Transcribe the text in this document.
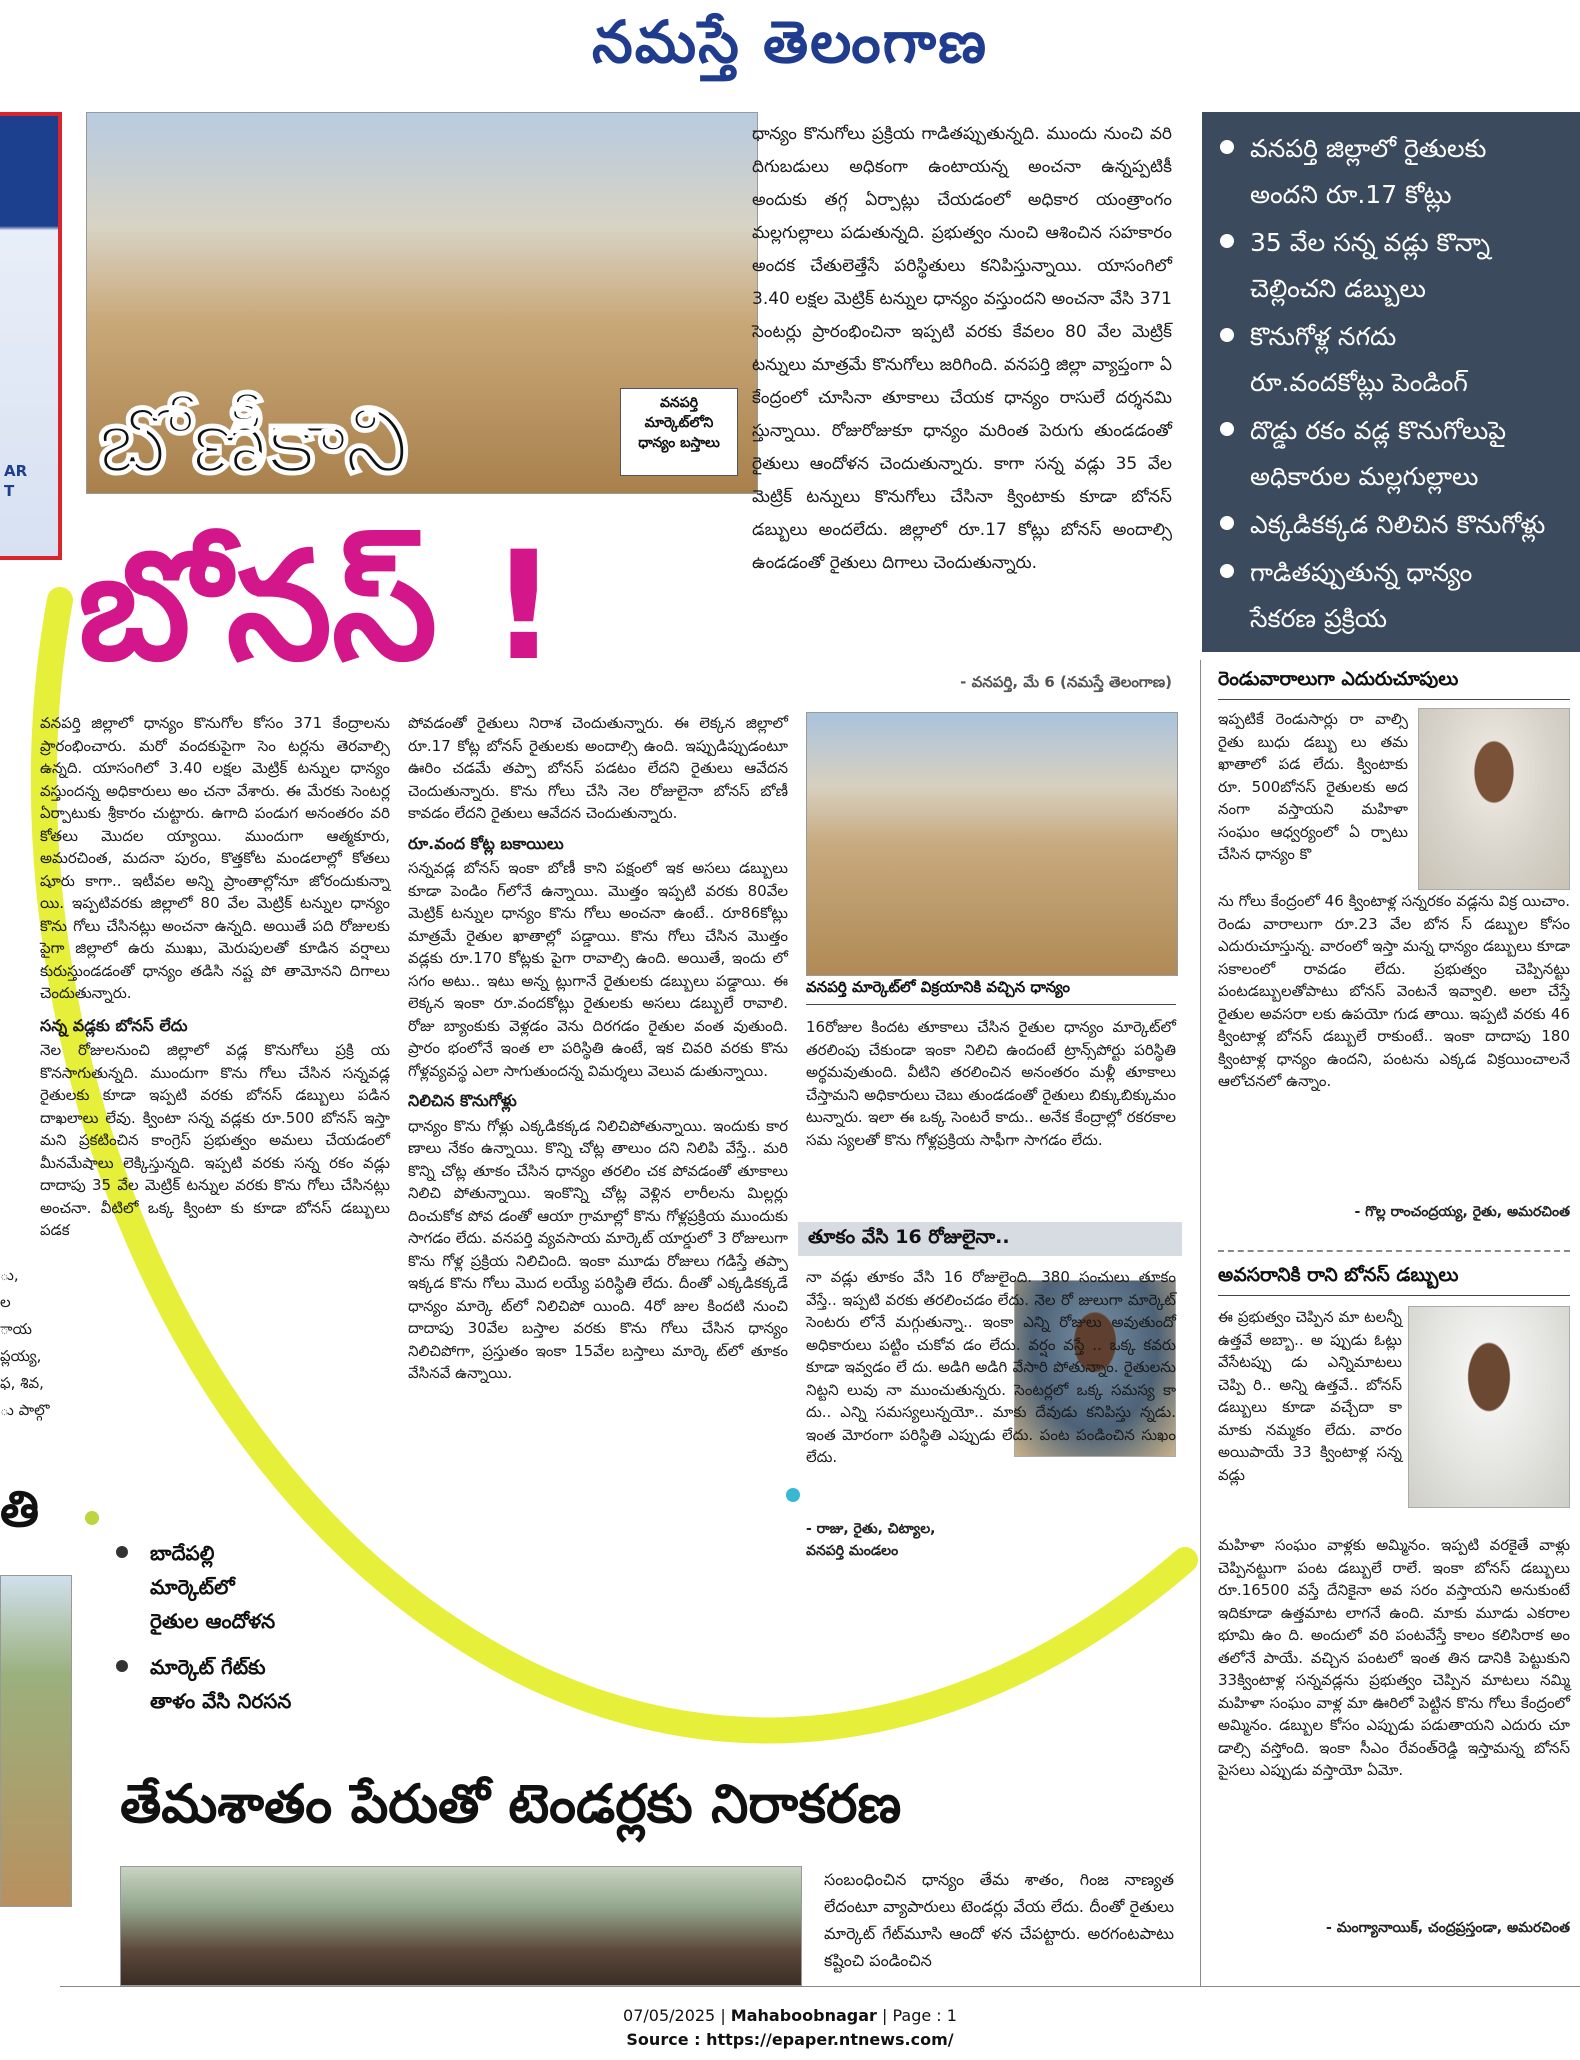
నమస్తే తెలంగాణ
AR
T
ు,
ల
ాయ
ప్లయ్య,
ఫ, శివ,
ు పాల్గొ
తి
వనపర్తి మార్కెట్‌లోని ధాన్యం బస్తాలు
బోణీకాని
బోనస్ !
ధాన్యం కొనుగోలు ప్రక్రియ గాడితప్పుతున్నది. ముందు నుంచి వరి దిగుబడులు అధికంగా ఉంటాయన్న అంచనా ఉన్నప్పటికీ అందుకు తగ్గ ఏర్పాట్లు చేయడంలో అధికార యంత్రాంగం మల్లగుల్లాలు పడుతున్నది. ప్రభుత్వం నుంచి ఆశించిన సహకారం అందక చేతులెత్తేసే పరిస్థితులు కనిపిస్తున్నాయి. యాసంగిలో 3.40 లక్షల మెట్రిక్ టన్నుల ధాన్యం వస్తుందని అంచనా వేసి 371 సెంటర్లు ప్రారంభించినా ఇప్పటి వరకు కేవలం 80 వేల మెట్రిక్ టన్నులు మాత్రమే కొనుగోలు జరిగింది. వనపర్తి జిల్లా వ్యాప్తంగా ఏ కేంద్రంలో చూసినా తూకాలు చేయక ధాన్యం రాసులే దర్శనమి స్తున్నాయి. రోజురోజుకూ ధాన్యం మరింత పెరుగు తుండడంతో రైతులు ఆందోళన చెందుతున్నారు. కాగా సన్న వడ్లు 35 వేల మెట్రిక్ టన్నులు కొనుగోలు చేసినా క్వింటాకు కూడా బోనస్ డబ్బులు అందలేదు. జిల్లాలో రూ.17 కోట్లు బోనస్ అందాల్సి ఉండడంతో రైతులు దిగాలు చెందుతున్నారు.
- వనపర్తి, మే 6 (నమస్తే తెలంగాణ)
వనపర్తి జిల్లాలో రైతులకు
అందని రూ.17 కోట్లు
35 వేల సన్న వడ్లు కొన్నా
చెల్లించని డబ్బులు
కొనుగోళ్ల నగదు
రూ.వందకోట్లు పెండింగ్
దొడ్డు రకం వడ్ల కొనుగోలుపై
అధికారుల మల్లగుల్లాలు
ఎక్కడికక్కడ నిలిచిన కొనుగోళ్లు
గాడితప్పుతున్న ధాన్యం
సేకరణ ప్రక్రియ

వనపర్తి జిల్లాలో ధాన్యం కొనుగోల కోసం 371 కేంద్రాలను ప్రారంభించారు. మరో వందకుపైగా సెం టర్లను తెరవాల్సి ఉన్నది. యాసంగిలో 3.40 లక్షల మెట్రిక్ టన్నుల ధాన్యం వస్తుందన్న అధికారులు అం చనా వేశారు. ఈ మేరకు సెంటర్ల ఏర్పాటుకు శ్రీకారం చుట్టారు. ఉగాది పండుగ అనంతరం వరి కోతలు మొదల య్యాయి. ముందుగా ఆత్మకూరు, అమరచింత, మదనా పురం, కొత్తకోట మండలాల్లో కోతలు షూరు కాగా.. ఇటీవల అన్ని ప్రాంతాల్లోనూ జోరందుకున్నా యి. ఇప్పటివరకు జిల్లాలో 80 వేల మెట్రిక్ టన్నుల ధాన్యం కొను గోలు చేసినట్లు అంచనా ఉన్నది. అయితే పది రోజులకు పైగా జిల్లాలో ఉరు ముఖు, మెరుపులతో కూడిన వర్షాలు కురుస్తుండడంతో ధాన్యం తడిసి నష్ట పో తామోనని దిగాలు చెందుతున్నారు.

సన్న వడ్లకు బోనస్ లేదు

నెల రోజులనుంచి జిల్లాలో వడ్ల కొనుగోలు ప్రక్రి య కొనసాగుతున్నది. ముందుగా కొను గోలు చేసిన సన్నవడ్ల రైతులకు కూడా ఇప్పటి వరకు బోనస్ డబ్బులు పడిన దాఖలాలు లేవు. క్వింటా సన్న వడ్లకు రూ.500 బోనస్ ఇస్తా మని ప్రకటించిన కాంగ్రెస్ ప్రభుత్వం అమలు చేయడంలో మీనమేషాలు లెక్కిస్తున్నది. ఇప్పటి వరకు సన్న రకం వడ్లు దాదాపు 35 వేల మెట్రిక్ టన్నుల వరకు కొను గోలు చేసినట్లు అంచనా. వీటిలో ఒక్క క్వింటా కు కూడా బోనస్ డబ్బులు పడక

పోవడంతో రైతులు నిరాశ చెందుతున్నారు. ఈ లెక్కన జిల్లాలో రూ.17 కోట్ల బోనస్ రైతులకు అందాల్సి ఉంది. ఇప్పుడిప్పుడంటూ ఊరిం చడమే తప్పా బోనస్ పడటం లేదని రైతులు ఆవేదన చెందుతున్నారు. కొను గోలు చేసి నెల రోజులైనా బోనస్ బోణీ కావడం లేదని రైతులు ఆవేదన చెందుతున్నారు.

రూ.వంద కోట్ల బకాయిలు

సన్నవడ్ల బోనస్ ఇంకా బోణీ కాని పక్షంలో ఇక అసలు డబ్బులు కూడా పెండిం గ్‌లోనే ఉన్నాయి. మొత్తం ఇప్పటి వరకు 80వేల మెట్రిక్ టన్నుల ధాన్యం కొను గోలు అంచనా ఉంటే.. రూ86కోట్లు మాత్రమే రైతుల ఖాతాల్లో పడ్డాయి. కొను గోలు చేసిన మొత్తం వడ్లకు రూ.170 కోట్లకు పైగా రావాల్సి ఉంది. అయితే, ఇందు లో సగం అటు.. ఇటు అన్న ట్లుగానే రైతులకు డబ్బులు పడ్డాయి. ఈ లెక్కన ఇంకా రూ.వందకోట్లు రైతులకు అసలు డబ్బులే రావాలి. రోజు బ్యాంకుకు వెళ్లడం వెను దిరగడం రైతుల వంత వుతుంది. ప్రారం భంలోనే ఇంత లా పరిస్థితి ఉంటే, ఇక చివరి వరకు కొను గోళ్లవ్యవస్థ ఎలా సాగుతుందన్న విమర్శలు వెలువ డుతున్నాయి.

నిలిచిన కొనుగోళ్లు

ధాన్యం కొను గోళ్లు ఎక్కడికక్కడ నిలిచిపోతున్నాయి. ఇందుకు కార ణాలు నేకం ఉన్నాయి. కొన్ని చోట్ల తాలుం దని నిలిపి వేస్తే.. మరి కొన్ని చోట్ల తూకం చేసిన ధాన్యం తరలిం చక పోవడంతో తూకాలు నిలిచి పోతున్నాయి. ఇంకొన్ని చోట్ల వెళ్లిన లారీలను మిల్లర్లు దించుకోక పోవ డంతో ఆయా గ్రామాల్లో కొను గోళ్లప్రక్రియ ముందుకు సాగడం లేదు. వనపర్తి వ్యవసాయ మార్కెట్ యార్డులో 3 రోజులుగా కొను గోళ్ల ప్రక్రియ నిలిచింది. ఇంకా మూడు రోజులు గడిస్తే తప్పా ఇక్కడ కొను గోలు మొద లయ్యే పరిస్థితి లేదు. దీంతో ఎక్కడికక్కడే ధాన్యం మార్కె ట్‌లో నిలిచిపో యింది. 4రో జుల కిందటి నుంచి దాదాపు 30వేల బస్తాల వరకు కొను గోలు చేసిన ధాన్యం నిలిచిపోగా, ప్రస్తుతం ఇంకా 15వేల బస్తాలు మార్కె ట్‌లో తూకం వేసినవే ఉన్నాయి.

వనపర్తి మార్కెట్‌లో విక్రయానికి వచ్చిన ధాన్యం
16రోజుల కిందట తూకాలు చేసిన రైతుల ధాన్యం మార్కెట్‌లో తరలింపు చేకుండా ఇంకా నిలిచి ఉందంటే ట్రాన్స్‌పోర్టు పరిస్థితి అర్థమవుతుంది. వీటిని తరలించిన అనంతరం మళ్లీ తూకాలు చేస్తామని అధికారులు చెబు తుండడంతో రైతులు బిక్కుబిక్కుమం టున్నారు. ఇలా ఈ ఒక్క సెంటరే కాదు.. అనేక కేంద్రాల్లో రకరకాల సమ స్యలతో కొను గోళ్లప్రక్రియ సాఫీగా సాగడం లేదు.
తూకం వేసి 16 రోజులైనా..
నా వడ్లు తూకం వేసి 16 రోజులైంది. 380 సంచులు తూకం వేస్తే.. ఇప్పటి వరకు తరలించడం లేదు. నెల రో జులుగా మార్కెట్ సెంటరు లోనే మగ్గుతున్నా.. ఇంకా ఎన్ని రోజులు అవుతుందో అధికారులు పట్టిం చుకోవ డం లేదు. వర్షం వస్తే .. ఒక్క కవరు కూడా ఇవ్వడం లే దు. అడిగి అడిగి వేసారి పోతున్నాం. రైతులను నిట్టని లువు నా ముంచుతున్నరు. సెంటర్లలో ఒక్క సమస్య కా దు.. ఎన్ని సమస్యలున్నయో.. మాకు దేవుడు కనిపిస్తు న్నడు. ఇంత మోరంగా పరిస్థితి ఎప్పుడు లేదు. పంట పండించిన సుఖం లేదు.
- రాజు, రైతు, చిట్యాల,
వనపర్తి మండలం
రెండువారాలుగా ఎదురుచూపులు
ఇప్పటికే రెండుసార్లు రా వాల్సి రైతు బుధు డబ్బు లు తమ ఖాతాలో పడ లేదు. క్వింటాకు రూ. 500బోనస్ రైతులకు అద నంగా వస్తాయని మహిళా సంఘం ఆధ్వర్యంలో ఏ ర్పాటు చేసిన ధాన్యం కొ
ను గోలు కేంద్రంలో 46 క్వింటాళ్ల సన్నరకం వడ్లను విక్ర యిచాం. రెండు వారాలుగా రూ.23 వేల బోన స్ డబ్బుల కోసం ఎదురుచూస్తున్న. వారంలో ఇస్తా మన్న ధాన్యం డబ్బులు కూడా సకాలంలో రావడం లేదు. ప్రభుత్వం చెప్పినట్టు పంటడబ్బులతోపాటు బోనస్ వెంటనే ఇవ్వాలి. అలా చేస్తే రైతుల అవసరా లకు ఉపయో గుడ తాయి. ఇప్పటి వరకు 46 క్వింటాళ్ల బోనస్ డబ్బులే రాకుంటే.. ఇంకా దాదాపు 180 క్వింటాళ్ల ధాన్యం ఉందని, పంటను ఎక్కడ విక్రయించాలనే ఆలోచనలో ఉన్నాం.
- గొల్ల రాంచంద్రయ్య, రైతు, అమరచింత
అవసరానికి రాని బోనస్ డబ్బులు
ఈ ప్రభుత్వం చెప్పిన మా టలన్నీ ఉత్తవే అబ్బా.. అ ప్పుడు ఓట్లు వేసేటప్పు డు ఎన్నిమాటలు చెప్పి రి.. అన్ని ఉత్తవే.. బోనస్ డబ్బులు కూడా వచ్చేదా కా మాకు నమ్మకం లేదు. వారం అయిపాయే 33 క్వింటాళ్ల సన్న వడ్లు
మహిళా సంఘం వాళ్లకు అమ్మినం. ఇప్పటి వరకైతే వాళ్లు చెప్పినట్టుగా పంట డబ్బులే రాలే. ఇంకా బోనస్ డబ్బులు రూ.16500 వస్తే దేనికైనా అవ సరం వస్తాయని అనుకుంటే ఇదికూడా ఉత్తమాట లాగనే ఉంది. మాకు మూడు ఎకరాల భూమి ఉం ది. అందులో వరి పంటవేస్తే కాలం కలిసిరాక అం తలోనే పాయే. వచ్చిన పంటలో ఇంత తిన డానికి పెట్టుకుని 33క్వింటాళ్ల సన్నవడ్లను ప్రభుత్వం చెప్పిన మాటలు నమ్మి మహిళా సంఘం వాళ్ల మా ఊరిలో పెట్టిన కొను గోలు కేంద్రంలో అమ్మినం. డబ్బుల కోసం ఎప్పుడు పడుతాయని ఎదురు చూ డాల్సి వస్తోంది. ఇంకా సీఎం రేవంత్‌రెడ్డి ఇస్తామన్న బోనస్ పైసలు ఎప్పుడు వస్తాయో ఏమో.
- మంగ్యానాయిక్, చంద్రప్రస్తండా, అమరచింత
బాదేపల్లి
మార్కెట్‌లో
రైతుల ఆందోళన
మార్కెట్ గేట్‌కు
తాళం వేసి నిరసన
తేమశాతం పేరుతో టెండర్లకు నిరాకరణ
సంబంధించిన ధాన్యం తేమ శాతం, గింజ నాణ్యత లేదంటూ వ్యాపారులు టెండర్లు వేయ లేదు. దీంతో రైతులు మార్కెట్ గేట్‌మూసి ఆందో ళన చేపట్టారు. అరగంటపాటు కష్టించి పండించిన
07/05/2025 | Mahaboobnagar | Page : 1
Source : https://epaper.ntnews.com/
